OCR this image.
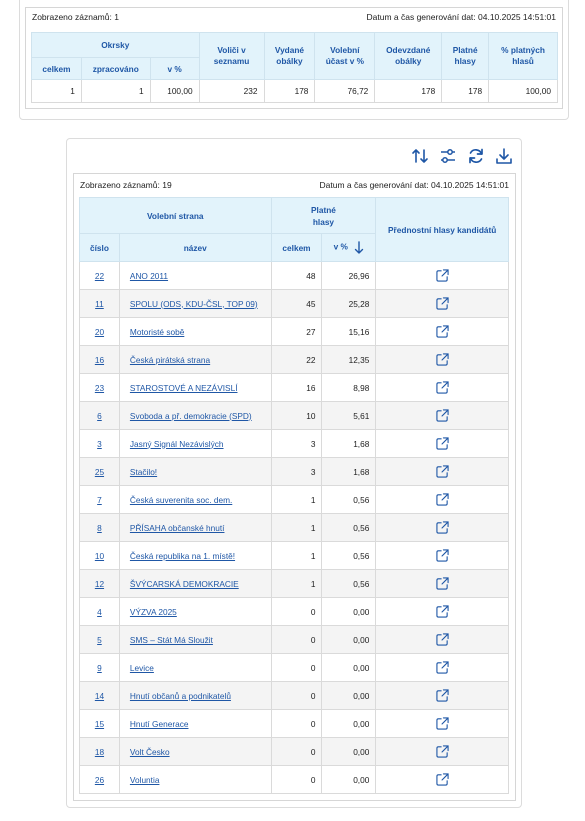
Zobrazeno záznamů: 1	Datum a čas generování dat: 04.10.2025 14:51:01
Okrsky			Voliči v seznamu	Vydané obálky	Volební účast v %	Odevzdané obálky	Platné hlasy	% platných hlasů
celkem	zpracováno	v %						
1	1	100,00	232	178	76,72	178	178	100,00
Zobrazeno záznamů: 19	Datum a čas generování dat: 04.10.2025 14:51:01
Volební strana		Platné hlasy		Přednostní hlasy kandidátů
číslo	název	celkem	v %	
22	ANO 2011	48	26,96	
11	SPOLU (ODS, KDU-ČSL, TOP 09)	45	25,28	
20	Motoristé sobě	27	15,16	
16	Česká pirátská strana	22	12,35	
23	STAROSTOVÉ A NEZÁVISLÍ	16	8,98	
6	Svoboda a př. demokracie (SPD)	10	5,61	
3	Jasný Signál Nezávislých	3	1,68	
25	Stačilo!	3	1,68	
7	Česká suverenita soc. dem.	1	0,56	
8	PŘÍSAHA občanské hnutí	1	0,56	
10	Česká republika na 1. místě!	1	0,56	
12	ŠVÝCARSKÁ DEMOKRACIE	1	0,56	
4	VÝZVA 2025	0	0,00	
5	SMS – Stát Má Sloužit	0	0,00	
9	Levice	0	0,00	
14	Hnutí občanů a podnikatelů	0	0,00	
15	Hnutí Generace	0	0,00	
18	Volt Česko	0	0,00	
26	Voluntia	0	0,00	
